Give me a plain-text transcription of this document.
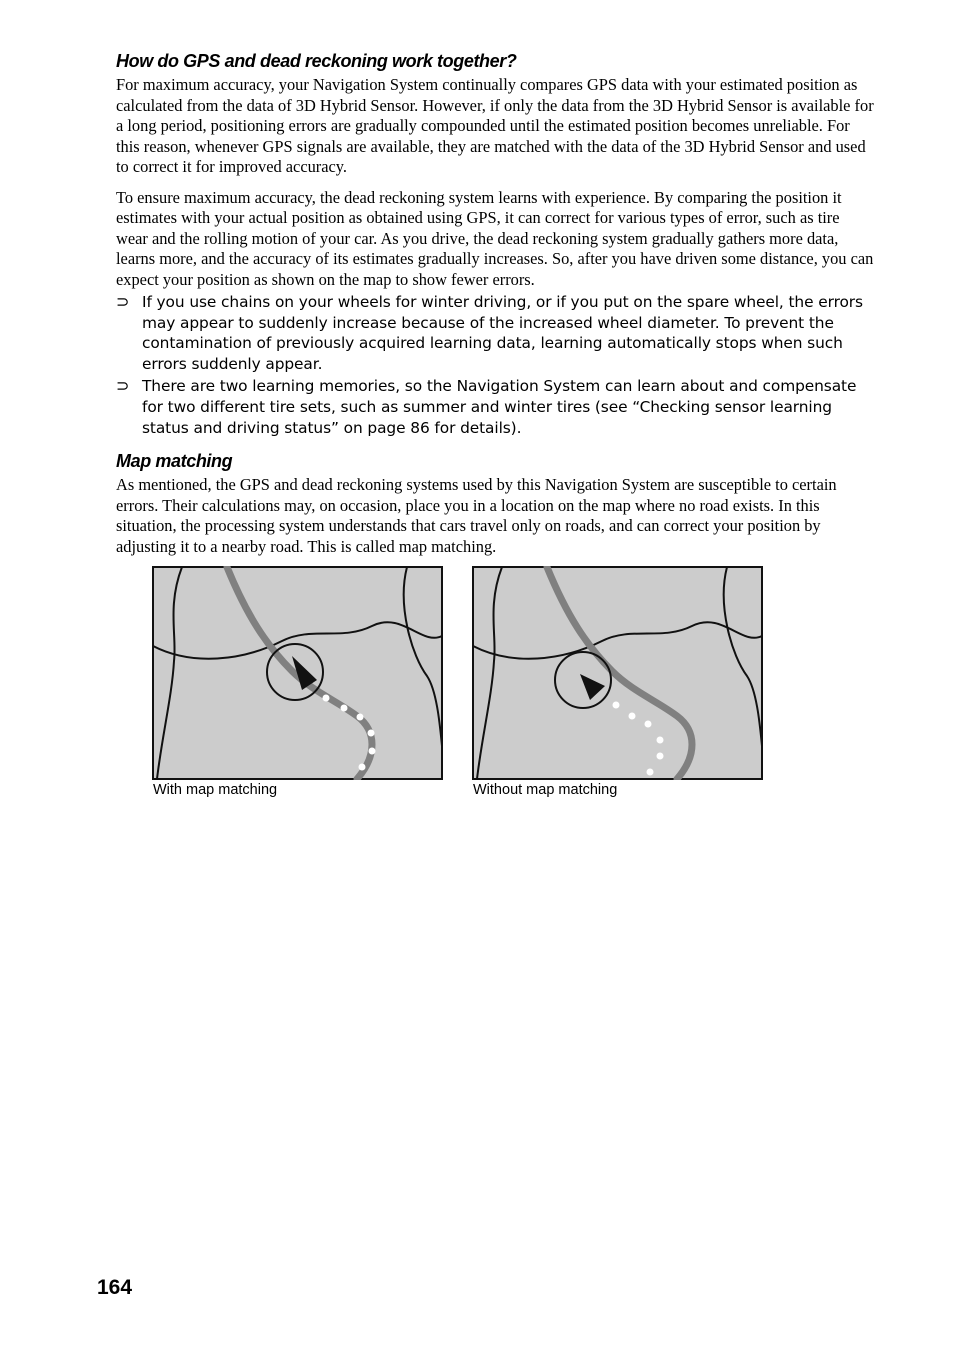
How do GPS and dead reckoning work together?

For maximum accuracy, your Navigation System continually compares GPS data with your estimated position as calculated from the data of 3D Hybrid Sensor. However, if only the data from the 3D Hybrid Sensor is available for a long period, positioning errors are gradually compounded until the estimated position becomes unreliable. For this reason, whenever GPS signals are available, they are matched with the data of the 3D Hybrid Sensor and used to correct it for improved accuracy.

To ensure maximum accuracy, the dead reckoning system learns with experience. By comparing the position it estimates with your actual position as obtained using GPS, it can correct for various types of error, such as tire wear and the rolling motion of your car. As you drive, the dead reckoning system gradually gathers more data, learns more, and the accuracy of its estimates gradually increases. So, after you have driven some distance, you can expect your position as shown on the map to show fewer errors.

⊃ If you use chains on your wheels for winter driving, or if you put on the spare wheel, the errors may appear to suddenly increase because of the increased wheel diameter. To prevent the contamination of previously acquired learning data, learning automatically stops when such errors suddenly appear.
⊃ There are two learning memories, so the Navigation System can learn about and compensate for two different tire sets, such as summer and winter tires (see “Checking sensor learning status and driving status” on page 86 for details).
Map matching

As mentioned, the GPS and dead reckoning systems used by this Navigation System are susceptible to certain errors. Their calculations may, on occasion, place you in a location on the map where no road exists. In this situation, the processing system understands that cars travel only on roads, and can correct your position by adjusting it to a nearby road. This is called map matching.

With map matching	Without map matching
164
